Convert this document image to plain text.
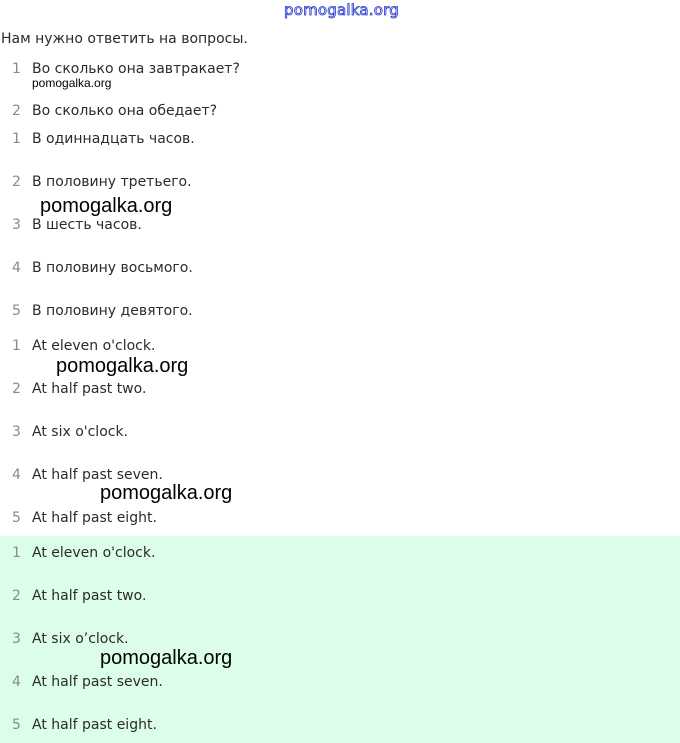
pomogalka.org
Нам нужно ответить на вопросы.
1 Во сколько она завтракает?
pomogalka.org
2 Во сколько она обедает?
1 В одиннадцать часов.
2 В половину третьего.
pomogalka.org
3 В шесть часов.
4 В половину восьмого.
5 В половину девятого.
1 At eleven o'clock.
pomogalka.org
2 At half past two.
3 At six o'clock.
4 At half past seven.
pomogalka.org
5 At half past eight.
1 At eleven o'clock.
2 At half past two.
3 At six o’clock.
pomogalka.org
4 At half past seven.
5 At half past eight.
